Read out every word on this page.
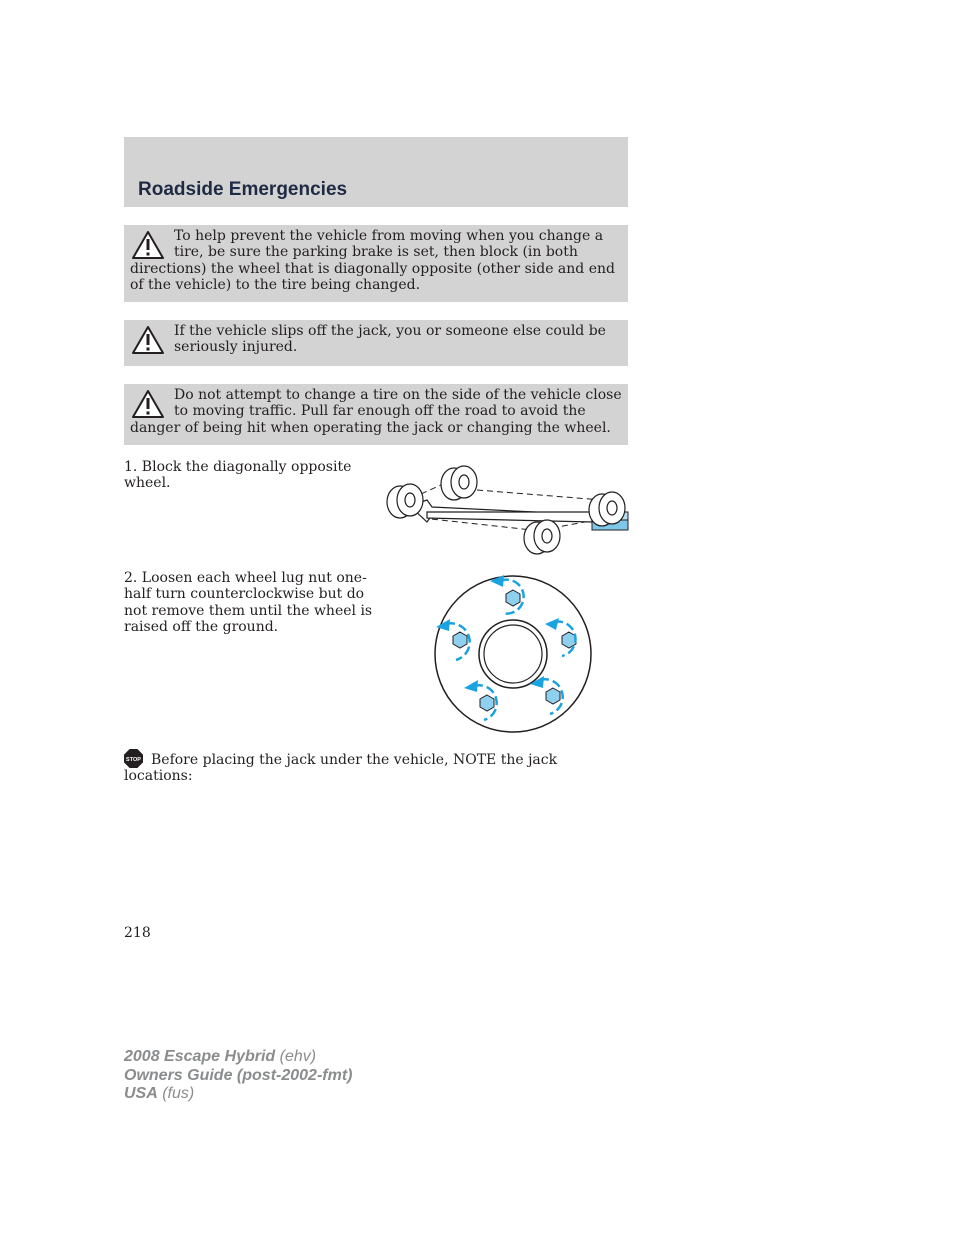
Roadside Emergencies

To help prevent the vehicle from moving when you change a tire, be sure the parking brake is set, then block (in both directions) the wheel that is diagonally opposite (other side and end of the vehicle) to the tire being changed.

If the vehicle slips off the jack, you or someone else could be seriously injured.

Do not attempt to change a tire on the side of the vehicle close to moving traffic. Pull far enough off the road to avoid the danger of being hit when operating the jack or changing the wheel.

1. Block the diagonally opposite wheel.

2. Loosen each wheel lug nut one-half turn counterclockwise but do not remove them until the wheel is raised off the ground.

STOP Before placing the jack under the vehicle, NOTE the jack locations:

218

2008 Escape Hybrid (ehv)
Owners Guide (post-2002-fmt)
USA (fus)
